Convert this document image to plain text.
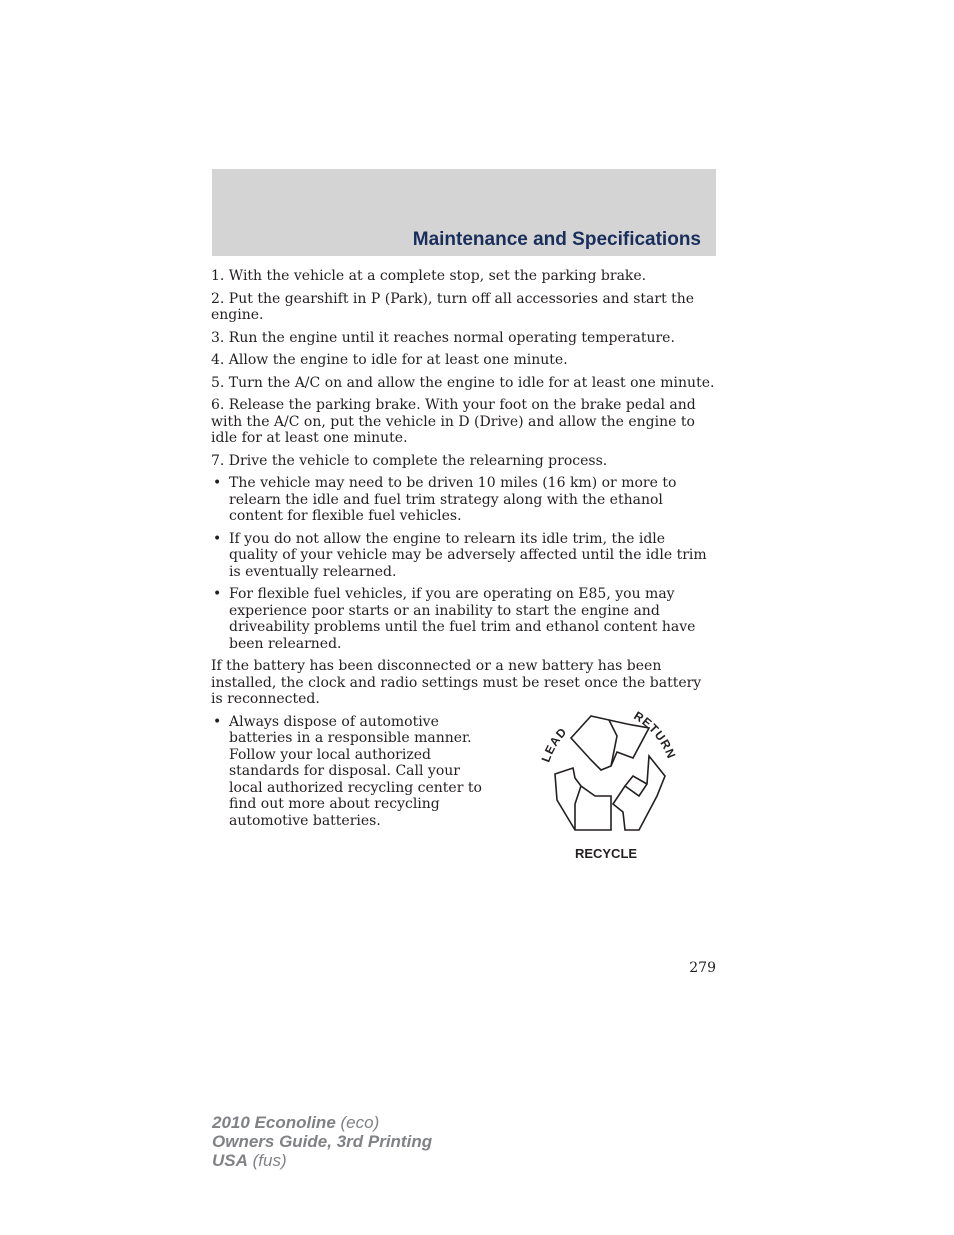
Maintenance and Specifications

1. With the vehicle at a complete stop, set the parking brake.

2. Put the gearshift in P (Park), turn off all accessories and start the engine.

3. Run the engine until it reaches normal operating temperature.

4. Allow the engine to idle for at least one minute.

5. Turn the A/C on and allow the engine to idle for at least one minute.

6. Release the parking brake. With your foot on the brake pedal and with the A/C on, put the vehicle in D (Drive) and allow the engine to idle for at least one minute.

7. Drive the vehicle to complete the relearning process.

• The vehicle may need to be driven 10 miles (16 km) or more to relearn the idle and fuel trim strategy along with the ethanol content for flexible fuel vehicles.
• If you do not allow the engine to relearn its idle trim, the idle quality of your vehicle may be adversely affected until the idle trim is eventually relearned.
• For flexible fuel vehicles, if you are operating on E85, you may experience poor starts or an inability to start the engine and driveability problems until the fuel trim and ethanol content have been relearned.

If the battery has been disconnected or a new battery has been installed, the clock and radio settings must be reset once the battery is reconnected.

• Always dispose of automotive batteries in a responsible manner. Follow your local authorized standards for disposal. Call your local authorized recycling center to find out more about recycling automotive batteries.
LEAD
RETURN
RECYCLE
279
2010 Econoline (eco)
Owners Guide, 3rd Printing
USA (fus)
